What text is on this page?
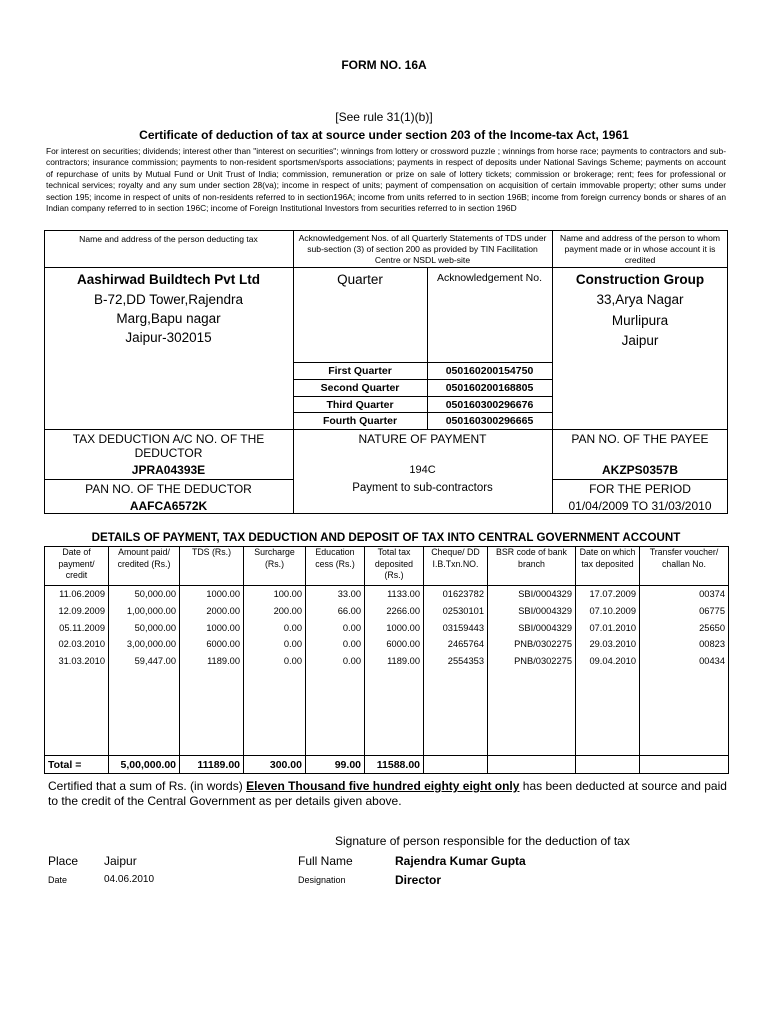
FORM NO. 16A
[See rule 31(1)(b)]
Certificate of deduction of tax at source under section 203 of the Income-tax Act, 1961
For interest on securities; dividends; interest other than "interest on securities"; winnings from lottery or crossword puzzle ; winnings from horse race; payments to contractors and sub-contractors; insurance commission; payments to non-resident sportsmen/sports associations; payments in respect of deposits under National Savings Scheme; payments on account of repurchase of units by Mutual Fund or Unit Trust of India; commission, remuneration or prize on sale of lottery tickets; commission or brokerage; rent; fees for professional or technical services; royalty and any sum under section 28(va); income in respect of units; payment of compensation on acquisition of certain immovable property; other sums under section 195; income in respect of units of non-residents referred to in section196A; income from units referred to in section 196B; income from foreign currency bonds or shares of an Indian company referred to in section 196C; income of Foreign Institutional Investors from securities referred to in section 196D
Name and address of the person deducting tax	Acknowledgement Nos. of all Quarterly Statements of TDS under sub-section (3) of section 200 as provided by TIN Facilitation Centre or NSDL web-site
Name and address of the person to whom payment made or in whose account it is credited
Aashirwad Buildtech Pvt Ltd
B-72,DD Tower,Rajendra
Marg,Bapu nagar
Jaipur-302015
Quarter	Acknowledgement No.
First Quarter	050160200154750
Second Quarter	050160200168805
Third Quarter	050160300296676
Fourth Quarter	050160300296665
Construction Group
33,Arya Nagar
Murlipura
Jaipur
TAX DEDUCTION A/C NO. OF THE DEDUCTOR
JPRA04393E
NATURE OF PAYMENT
194C
Payment to sub-contractors
PAN NO. OF THE PAYEE
AKZPS0357B
PAN NO. OF THE DEDUCTOR
AAFCA6572K
FOR THE PERIOD
01/04/2009 TO 31/03/2010
DETAILS OF PAYMENT, TAX DEDUCTION AND DEPOSIT OF TAX INTO CENTRAL GOVERNMENT ACCOUNT
Date of payment/ credit	Amount paid/ credited (Rs.)	TDS (Rs.)	Surcharge (Rs.)	Education cess (Rs.)	Total tax deposited (Rs.)	Cheque/ DD I.B.Txn.NO.	BSR code of bank branch	Date on which tax deposited	Transfer voucher/ challan No.
11.06.2009	50,000.00	1000.00	100.00	33.00	1133.00	01623782	SBI/0004329	17.07.2009	00374
12.09.2009	1,00,000.00	2000.00	200.00	66.00	2266.00	02530101	SBI/0004329	07.10.2009	06775
05.11.2009	50,000.00	1000.00	0.00	0.00	1000.00	03159443	SBI/0004329	07.01.2010	25650
02.03.2010	3,00,000.00	6000.00	0.00	0.00	6000.00	2465764	PNB/0302275	29.03.2010	00823
31.03.2010	59,447.00	1189.00	0.00	0.00	1189.00	2554353	PNB/0302275	09.04.2010	00434

Total =	5,00,000.00	11189.00	300.00	99.00	11588.00				
Certified that a sum of Rs. (in words) Eleven Thousand five hundred eighty eight only has been deducted at source and paid to the credit of the Central Government as per details given above.
Signature of person responsible for the deduction of tax
Place Jaipur	Full Name	Rajendra Kumar Gupta
Date	04.06.2010	Designation	Director
